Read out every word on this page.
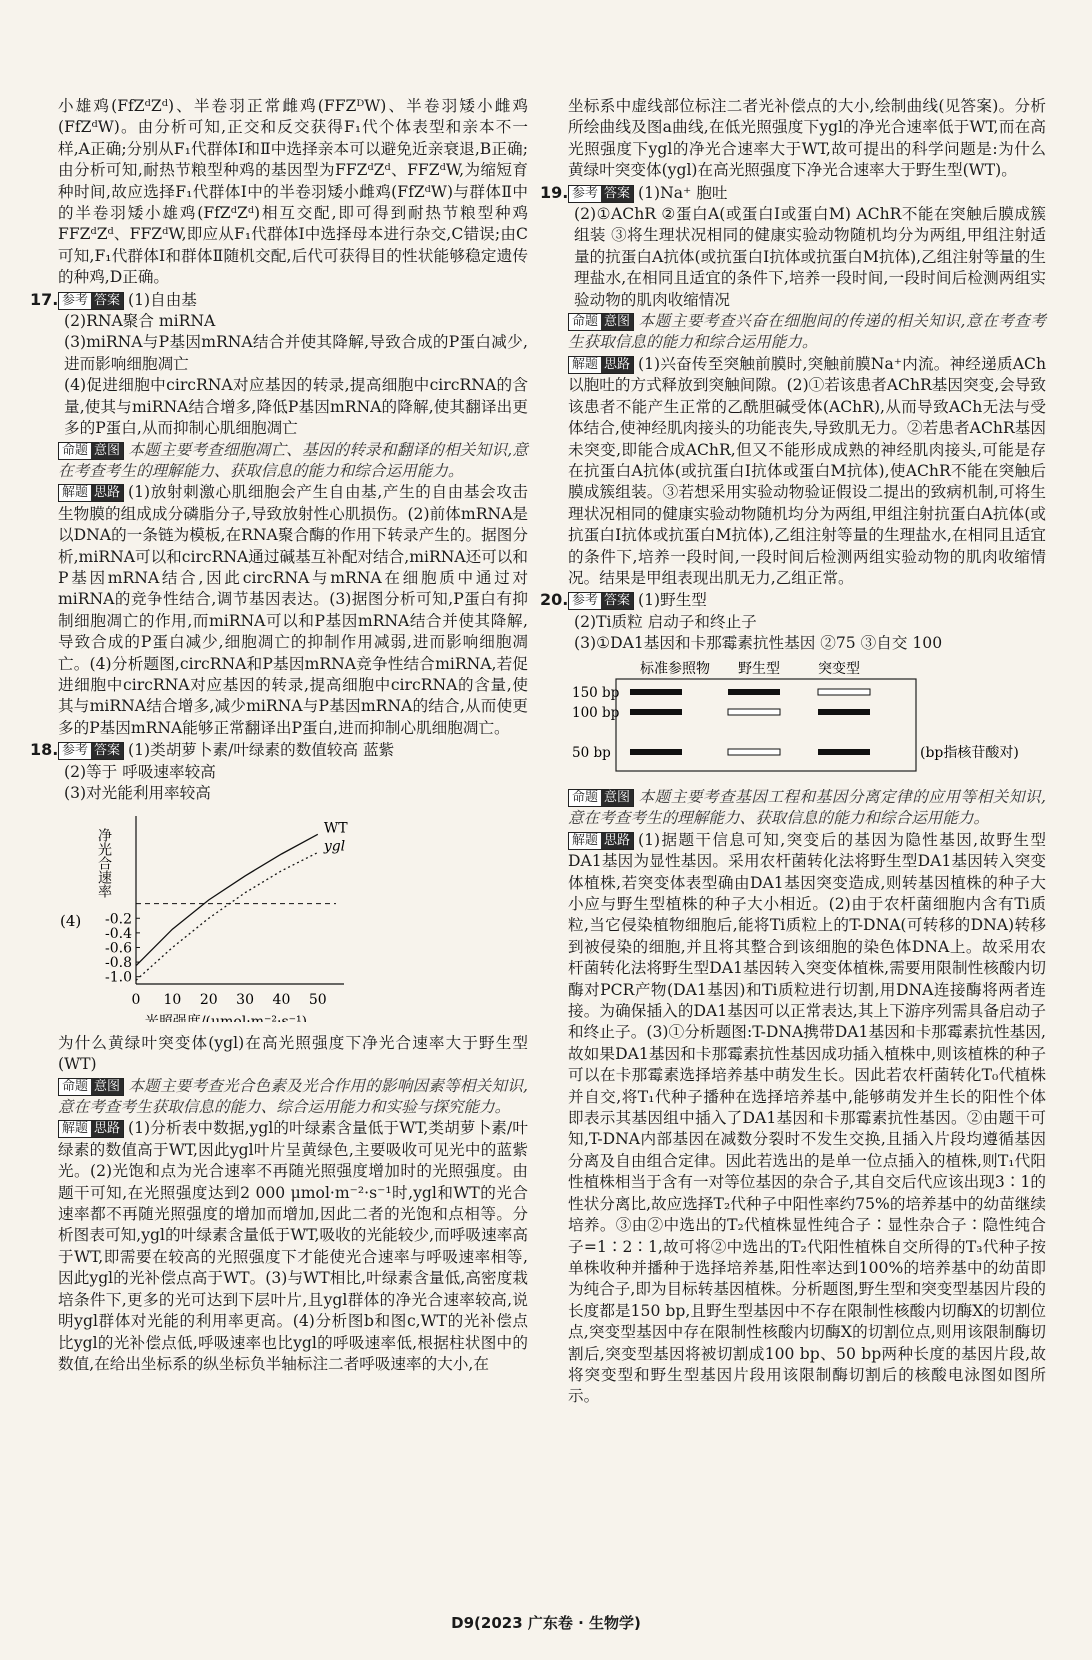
小雄鸡(FfZᵈZᵈ)、半卷羽正常雌鸡(FFZᴰW)、半卷羽矮小雌鸡(FfZᵈW)。由分析可知,正交和反交获得F₁代个体表型和亲本不一样,A正确;分别从F₁代群体Ⅰ和Ⅱ中选择亲本可以避免近亲衰退,B正确;由分析可知,耐热节粮型种鸡的基因型为FFZᵈZᵈ、FFZᵈW,为缩短育种时间,故应选择F₁代群体Ⅰ中的半卷羽矮小雌鸡(FfZᵈW)与群体Ⅱ中的半卷羽矮小雄鸡(FfZᵈZᵈ)相互交配,即可得到耐热节粮型种鸡FFZᵈZᵈ、FFZᵈW,即应从F₁代群体Ⅰ中选择母本进行杂交,C错误;由C可知,F₁代群体Ⅰ和群体Ⅱ随机交配,后代可获得目的性状能够稳定遗传的种鸡,D正确。

17. 参考 答案 (1)自由基

(2)RNA聚合 miRNA

(3)miRNA与P基因mRNA结合并使其降解,导致合成的P蛋白减少,进而影响细胞凋亡

(4)促进细胞中circRNA对应基因的转录,提高细胞中circRNA的含量,使其与miRNA结合增多,降低P基因mRNA的降解,使其翻译出更多的P蛋白,从而抑制心肌细胞凋亡

命题 意图 本题主要考查细胞凋亡、基因的转录和翻译的相关知识,意在考查考生的理解能力、获取信息的能力和综合运用能力。

解题 思路 (1)放射刺激心肌细胞会产生自由基,产生的自由基会攻击生物膜的组成成分磷脂分子,导致放射性心肌损伤。(2)前体mRNA是以DNA的一条链为模板,在RNA聚合酶的作用下转录产生的。据图分析,miRNA可以和circRNA通过碱基互补配对结合,miRNA还可以和P基因mRNA结合,因此circRNA与mRNA在细胞质中通过对miRNA的竞争性结合,调节基因表达。(3)据图分析可知,P蛋白有抑制细胞凋亡的作用,而miRNA可以和P基因mRNA结合并使其降解,导致合成的P蛋白减少,细胞凋亡的抑制作用减弱,进而影响细胞凋亡。(4)分析题图,circRNA和P基因mRNA竞争性结合miRNA,若促进细胞中circRNA对应基因的转录,提高细胞中circRNA的含量,使其与miRNA结合增多,减少miRNA与P基因mRNA的结合,从而使更多的P基因mRNA能够正常翻译出P蛋白,进而抑制心肌细胞凋亡。

18. 参考 答案 (1)类胡萝卜素/叶绿素的数值较高 蓝紫

(2)等于 呼吸速率较高

(3)对光能利用率较高

(4)
净光合速率
-0.2
-0.4
-0.6
-0.8
-1.0
0 10 20 30 40 50
光照强度/(μmol·m⁻²·s⁻¹)
WT
ygl

为什么黄绿叶突变体(ygl)在高光照强度下净光合速率大于野生型(WT)

命题 意图 本题主要考查光合色素及光合作用的影响因素等相关知识,意在考查考生获取信息的能力、综合运用能力和实验与探究能力。

解题 思路 (1)分析表中数据,ygl的叶绿素含量低于WT,类胡萝卜素/叶绿素的数值高于WT,因此ygl叶片呈黄绿色,主要吸收可见光中的蓝紫光。(2)光饱和点为光合速率不再随光照强度增加时的光照强度。由题干可知,在光照强度达到2 000 μmol·m⁻²·s⁻¹时,ygl和WT的光合速率都不再随光照强度的增加而增加,因此二者的光饱和点相等。分析图表可知,ygl的叶绿素含量低于WT,吸收的光能较少,而呼吸速率高于WT,即需要在较高的光照强度下才能使光合速率与呼吸速率相等,因此ygl的光补偿点高于WT。(3)与WT相比,叶绿素含量低,高密度栽培条件下,更多的光可达到下层叶片,且ygl群体的净光合速率较高,说明ygl群体对光能的利用率更高。(4)分析图b和图c,WT的光补偿点比ygl的光补偿点低,呼吸速率也比ygl的呼吸速率低,根据柱状图中的数值,在给出坐标系的纵坐标负半轴标注二者呼吸速率的大小,在

坐标系中虚线部位标注二者光补偿点的大小,绘制曲线(见答案)。分析所绘曲线及图a曲线,在低光照强度下ygl的净光合速率低于WT,而在高光照强度下ygl的净光合速率大于WT,故可提出的科学问题是:为什么黄绿叶突变体(ygl)在高光照强度下净光合速率大于野生型(WT)。

19. 参考 答案 (1)Na⁺ 胞吐

(2)①AChR ②蛋白A(或蛋白Ⅰ或蛋白M) AChR不能在突触后膜成簇组装 ③将生理状况相同的健康实验动物随机均分为两组,甲组注射适量的抗蛋白A抗体(或抗蛋白Ⅰ抗体或抗蛋白M抗体),乙组注射等量的生理盐水,在相同且适宜的条件下,培养一段时间,一段时间后检测两组实验动物的肌肉收缩情况

命题 意图 本题主要考查兴奋在细胞间的传递的相关知识,意在考查考生获取信息的能力和综合运用能力。

解题 思路 (1)兴奋传至突触前膜时,突触前膜Na⁺内流。神经递质ACh以胞吐的方式释放到突触间隙。(2)①若该患者AChR基因突变,会导致该患者不能产生正常的乙酰胆碱受体(AChR),从而导致ACh无法与受体结合,使神经肌肉接头的功能丧失,导致肌无力。②若患者AChR基因未突变,即能合成AChR,但又不能形成成熟的神经肌肉接头,可能是存在抗蛋白A抗体(或抗蛋白Ⅰ抗体或蛋白M抗体),使AChR不能在突触后膜成簇组装。③若想采用实验动物验证假设二提出的致病机制,可将生理状况相同的健康实验动物随机均分为两组,甲组注射抗蛋白A抗体(或抗蛋白Ⅰ抗体或抗蛋白M抗体),乙组注射等量的生理盐水,在相同且适宜的条件下,培养一段时间,一段时间后检测两组实验动物的肌肉收缩情况。结果是甲组表现出肌无力,乙组正常。

20. 参考 答案 (1)野生型

(2)Ti质粒 启动子和终止子

(3)①DA1基因和卡那霉素抗性基因 ②75 ③自交 100

标准参照物 野生型	突变型
150 bp
100 bp
50 bp	(bp指核苷酸对)

命题 意图 本题主要考查基因工程和基因分离定律的应用等相关知识,意在考查考生的理解能力、获取信息的能力和综合运用能力。

解题 思路 (1)据题干信息可知,突变后的基因为隐性基因,故野生型DA1基因为显性基因。采用农杆菌转化法将野生型DA1基因转入突变体植株,若突变体表型确由DA1基因突变造成,则转基因植株的种子大小应与野生型植株的种子大小相近。(2)由于农杆菌细胞内含有Ti质粒,当它侵染植物细胞后,能将Ti质粒上的T-DNA(可转移的DNA)转移到被侵染的细胞,并且将其整合到该细胞的染色体DNA上。故采用农杆菌转化法将野生型DA1基因转入突变体植株,需要用限制性核酸内切酶对PCR产物(DA1基因)和Ti质粒进行切割,用DNA连接酶将两者连接。为确保插入的DA1基因可以正常表达,其上下游序列需具备启动子和终止子。(3)①分析题图:T-DNA携带DA1基因和卡那霉素抗性基因,故如果DA1基因和卡那霉素抗性基因成功插入植株中,则该植株的种子可以在卡那霉素选择培养基中萌发生长。因此若农杆菌转化T₀代植株并自交,将T₁代种子播种在选择培养基中,能够萌发并生长的阳性个体即表示其基因组中插入了DA1基因和卡那霉素抗性基因。②由题干可知,T-DNA内部基因在减数分裂时不发生交换,且插入片段均遵循基因分离及自由组合定律。因此若选出的是单一位点插入的植株,则T₁代阳性植株相当于含有一对等位基因的杂合子,其自交后代应该出现3∶1的性状分离比,故应选择T₂代种子中阳性率约75%的培养基中的幼苗继续培养。③由②中选出的T₂代植株显性纯合子∶显性杂合子∶隐性纯合子=1∶2∶1,故可将②中选出的T₂代阳性植株自交所得的T₃代种子按单株收种并播种于选择培养基,阳性率达到100%的培养基中的幼苗即为纯合子,即为目标转基因植株。分析题图,野生型和突变型基因片段的长度都是150 bp,且野生型基因中不存在限制性核酸内切酶X的切割位点,突变型基因中存在限制性核酸内切酶X的切割位点,则用该限制酶切割后,突变型基因将被切割成100 bp、50 bp两种长度的基因片段,故将突变型和野生型基因片段用该限制酶切割后的核酸电泳图如图所示。

D9(2023 广东卷 · 生物学)
